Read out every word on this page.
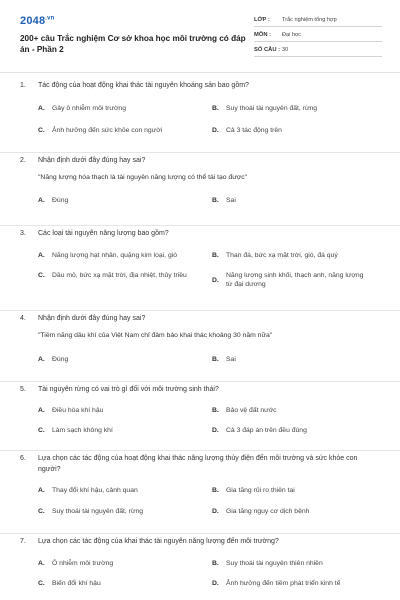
$2048^{.vn}$
200+ câu Trắc nghiệm Cơ sở khoa học môi trường có đáp án - Phần 2
LỚP :	Trắc nghiệm tổng hợp
MÔN :	Đại học
SỐ CÂU : 30
1. Tác động của hoạt động khai thác tài nguyên khoáng sản bao gồm?
A.	Gây ô nhiễm môi trường	B.	Suy thoái tài nguyên đất, rừng
C.	Ảnh hưởng đến sức khỏe con người	D.	Cả 3 tác động trên
2. Nhận định dưới đây đúng hay sai?
"Năng lượng hóa thạch là tài nguyên năng lượng có thể tái tạo được"
A.	Đúng	B.	Sai
3. Các loại tài nguyên năng lượng bao gồm?
A.	Năng lượng hạt nhân, quặng kim loại, gió	B.	Than đá, bức xạ mặt trời, gió, đá quý
C.	Dầu mỏ, bức xạ mặt trời, địa nhiệt, thủy triều
D.
Năng lượng sinh khối, thạch anh, năng lượng từ đại dương
4. Nhận định dưới đây đúng hay sai?
"Tiềm năng dầu khí của Việt Nam chỉ đảm bảo khai thác khoảng 30 năm nữa"
A.	Đúng	B.	Sai
5. Tài nguyên rừng có vai trò gì đối với môi trường sinh thái?
A.	Điều hòa khí hậu	B.	Bảo vệ đất nước
C.	Làm sạch không khí	D.	Cả 3 đáp án trên đều đúng
6. Lựa chọn các tác động của hoạt động khai thác năng lượng thủy điện đến môi trường và sức khỏe con người?
A.	Thay đổi khí hậu, cảnh quan	B.	Gia tăng rủi ro thiên tai
C.	Suy thoái tài nguyên đất, rừng	D.	Gia tăng nguy cơ dịch bệnh
7. Lựa chọn các tác động của khai thác tài nguyên năng lượng đến môi trường?
A.	Ô nhiễm môi trường	B.	Suy thoái tài nguyên thiên nhiên
C.	Biến đổi khí hậu	D.	Ảnh hưởng đến tiềm phát triển kinh tế
